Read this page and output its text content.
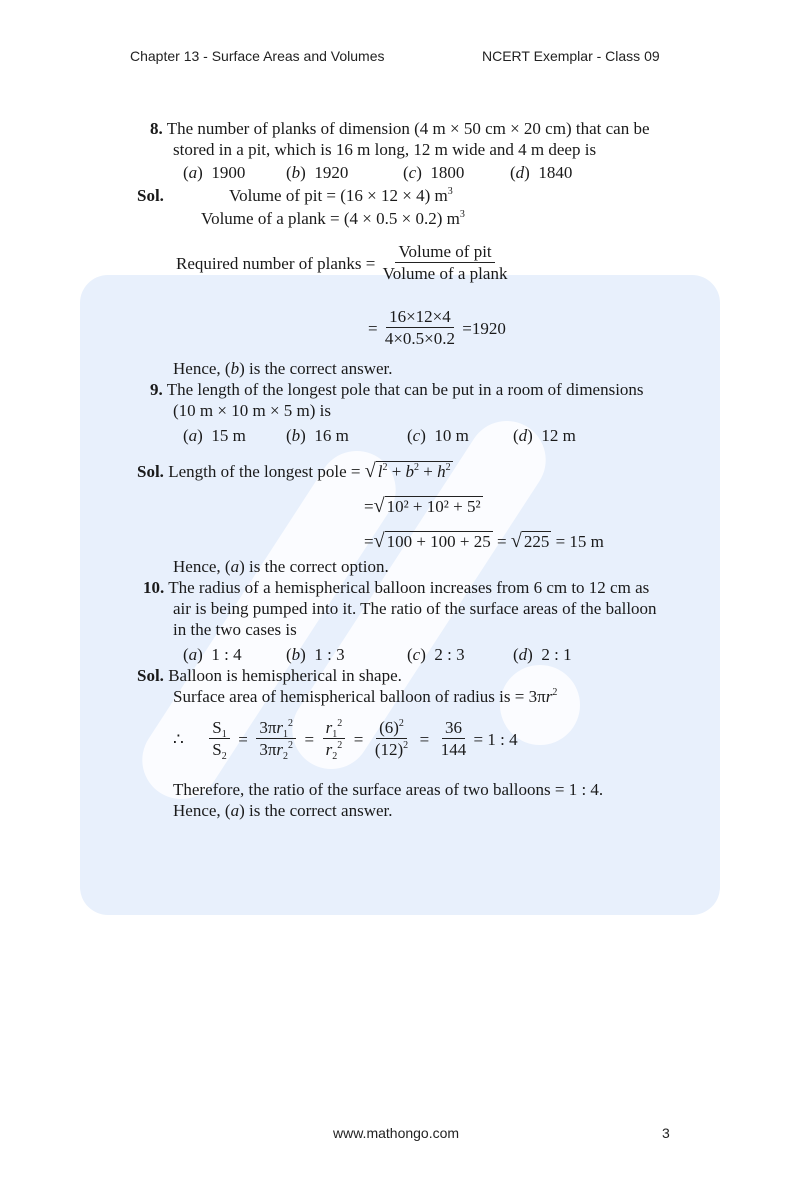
Chapter 13 - Surface Areas and Volumes	NCERT Exemplar - Class 09
8. The number of planks of dimension (4 m × 50 cm × 20 cm) that can be
stored in a pit, which is 16 m long, 12 m wide and 4 m deep is
(a)  1900 (b)  1920	(c)  1800	(d)  1840
Sol.	Volume of pit = (16 × 12 × 4) $m^3$
Volume of a plank = (4 × 0.5 × 0.2) $m^3$
Required number of planks = $\frac{\text{Volume of pit}}{\text{Volume of a plank}}$
= $\frac{16\times 12\times 4}{4\times 0.5\times 0.2} =1920$
Hence, (b) is the correct answer.
9. The length of the longest pole that can be put in a room of dimensions
(10 m × 10 m × 5 m) is
(a)  15 m (b)  16 m	(c)  10 m	(d)  12 m
Sol. Length of the longest pole = √ $l^2 + b^2 + h^2$
=√ 10² + 10² + 5²
=√ 100 + 100 + 25 = √ 225 = 15 m
Hence, (a) is the correct option.
10. The radius of a hemispherical balloon increases from 6 cm to 12 cm as
air is being pumped into it. The ratio of the surface areas of the balloon
in the two cases is
(a)  1 : 4	(b)  1 : 3	(c)  2 : 3	(d)  2 : 1
Sol. Balloon is hemispherical in shape.
Surface area of hemispherical balloon of radius is = $3\pi r^2$
∴ $\frac{S_1}{S_2} = \frac{3\pi r_1^2}{3\pi r_2^2} = \frac{r_1^2}{r_2^2} = \frac{(6)^2}{(12)^2} = \frac{36}{144} = 1$ : 4
Therefore, the ratio of the surface areas of two balloons = 1 : 4.
Hence, (a) is the correct answer.
www.mathongo.com	3
